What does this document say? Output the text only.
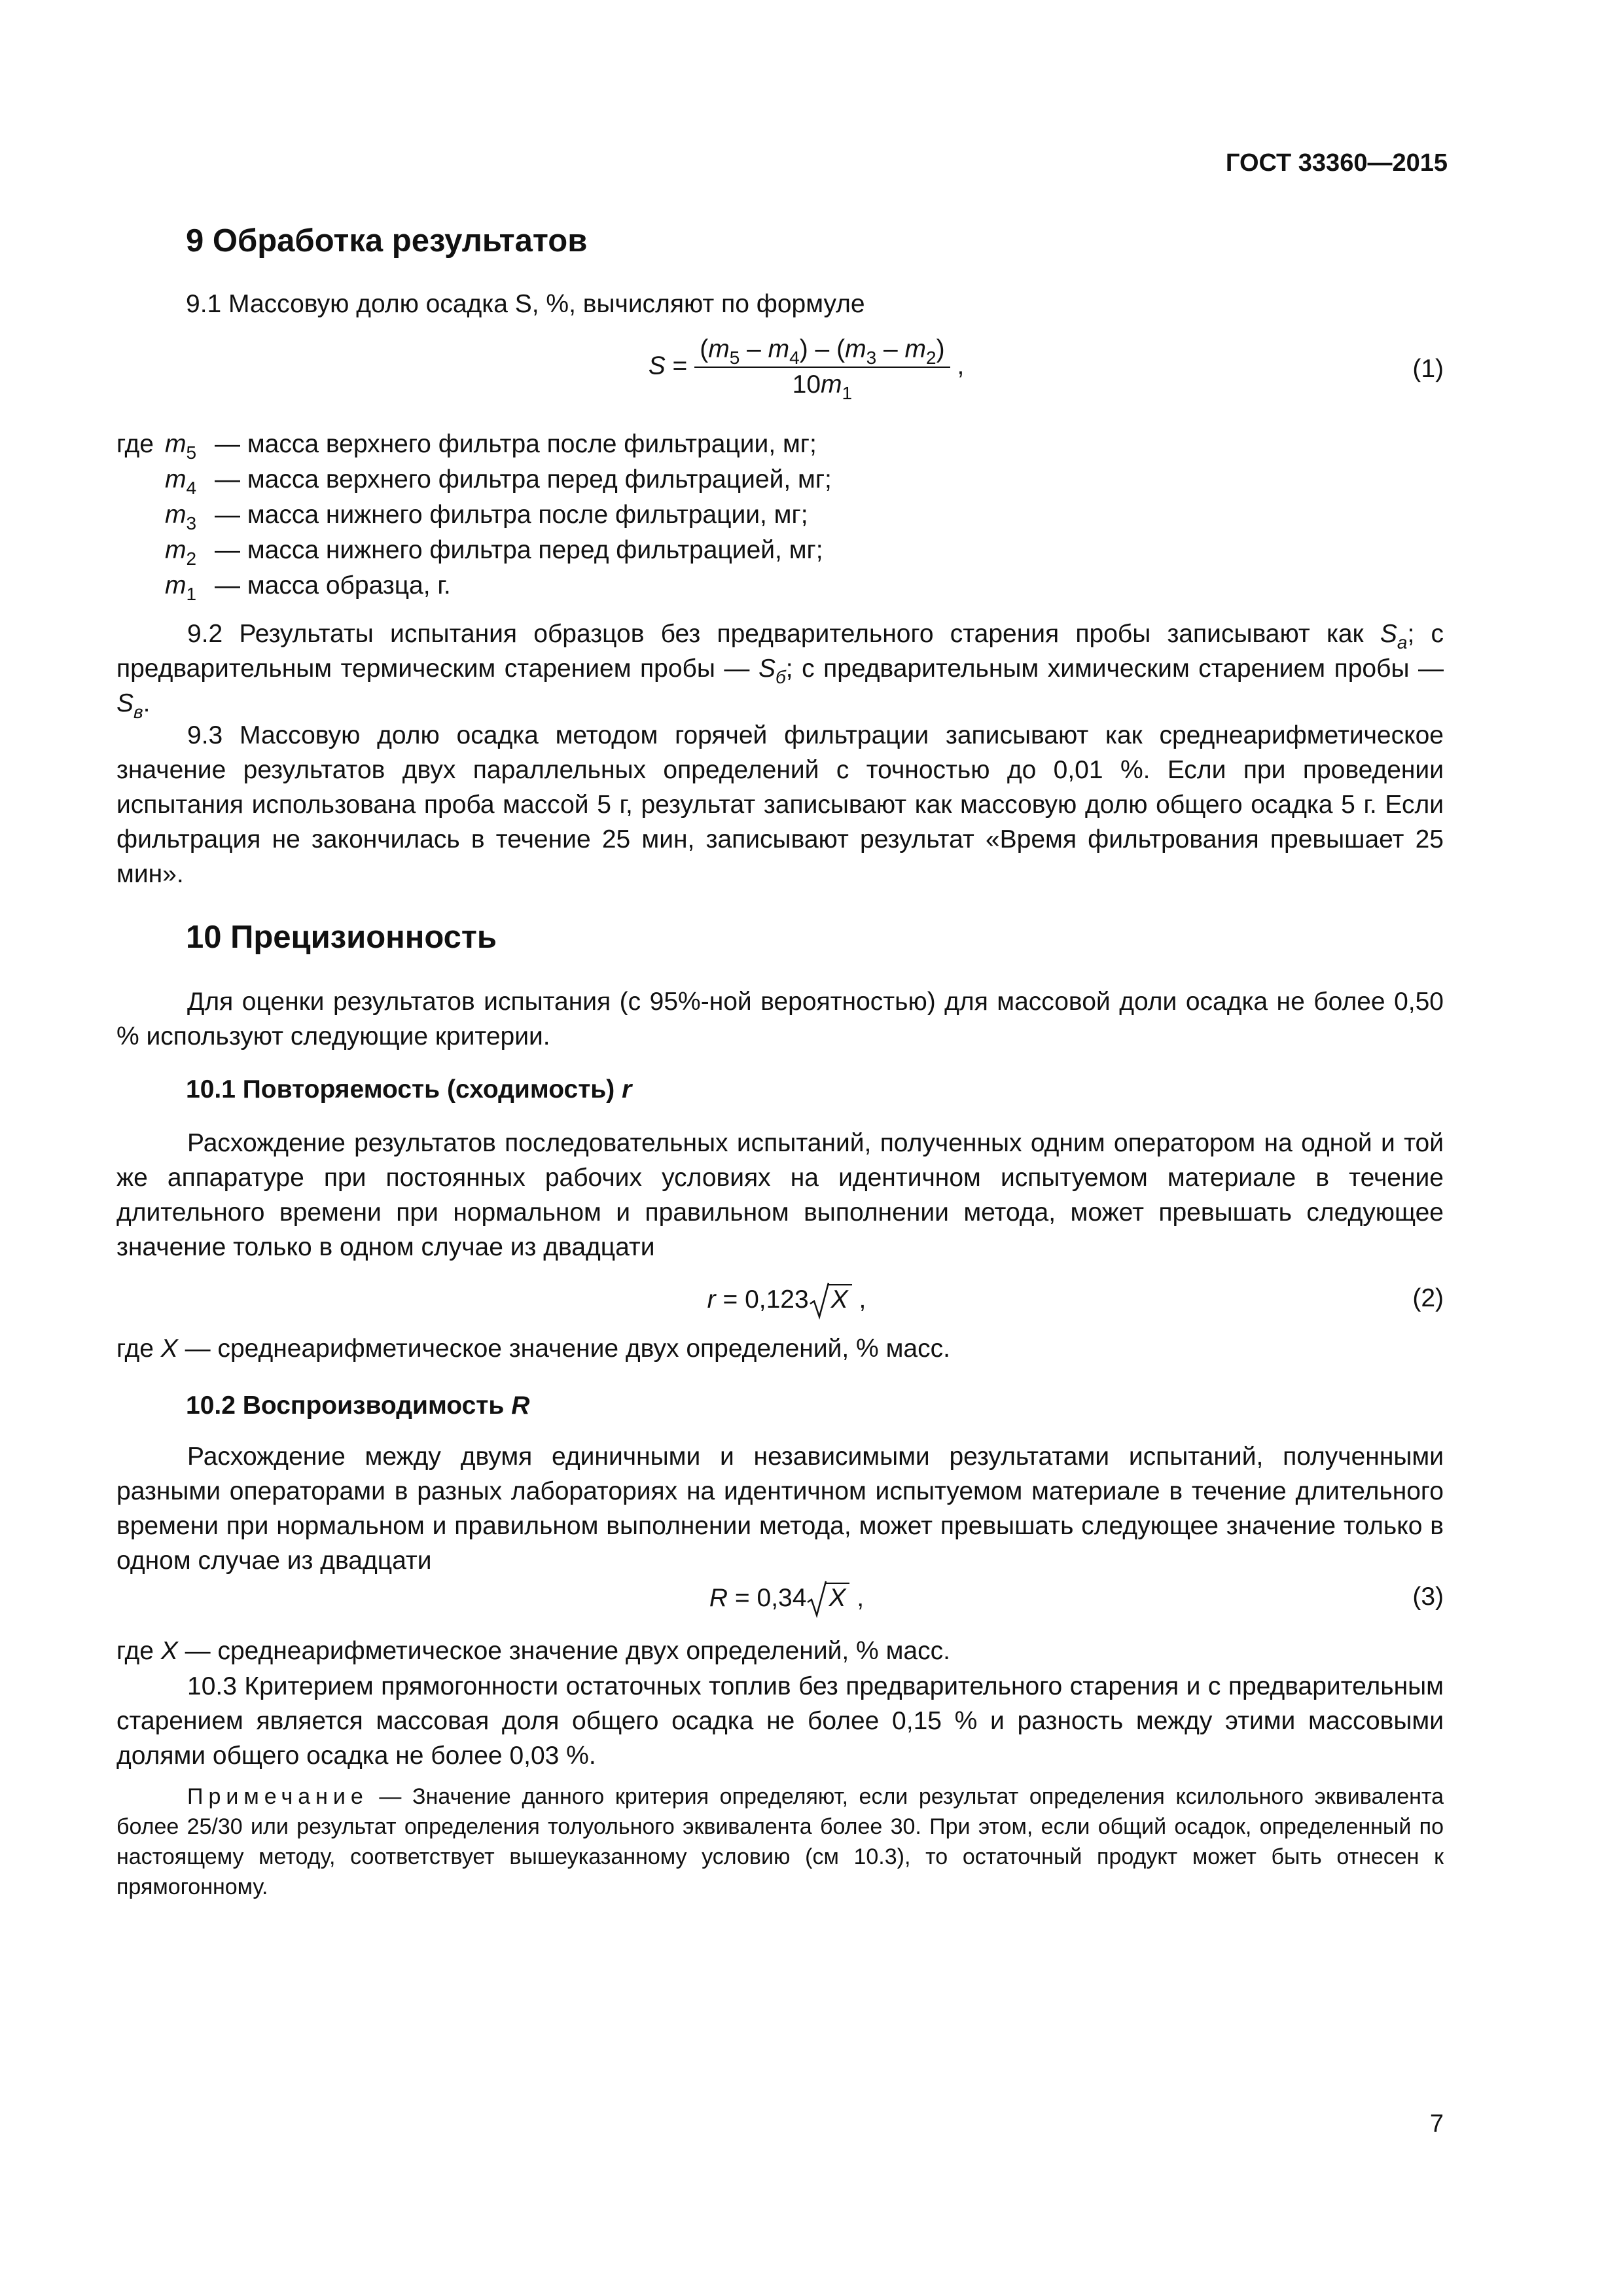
ГОСТ 33360—2015
9 Обработка результатов
9.1 Массовую долю осадка S, %, вычисляют по формуле
$S = \frac{(m_5 - m_4) - (m_3 - m_2)}{10m_1}$ ,	(1)
где $m_5$ — масса верхнего фильтра после фильтрации, мг;
$m_4$ — масса верхнего фильтра перед фильтрацией, мг;
$m_3$ — масса нижнего фильтра после фильтрации, мг;
$m_2$ — масса нижнего фильтра перед фильтрацией, мг;
$m_1$ — масса образца, г.
9.2 Результаты испытания образцов без предварительного старения пробы записывают как $S_а$; с предварительным термическим старением пробы — $S_б$; с предварительным химическим старением пробы — $S_в$.
9.3 Массовую долю осадка методом горячей фильтрации записывают как среднеарифметическое значение результатов двух параллельных определений с точностью до 0,01 %. Если при проведении испытания использована проба массой 5 г, результат записывают как массовую долю общего осадка 5 г. Если фильтрация не закончилась в течение 25 мин, записывают результат «Время фильтрования превышает 25 мин».
10 Прецизионность
Для оценки результатов испытания (с 95%-ной вероятностью) для массовой доли осадка не более 0,50 % используют следующие критерии.
10.1 Повторяемость (сходимость) r
Расхождение результатов последовательных испытаний, полученных одним оператором на одной и той же аппаратуре при постоянных рабочих условиях на идентичном испытуемом материале в течение длительного времени при нормальном и правильном выполнении метода, может превышать следующее значение только в одном случае из двадцати
r = 0,123 X ,	(2)
где X — среднеарифметическое значение двух определений, % масс.
10.2 Воспроизводимость R
Расхождение между двумя единичными и независимыми результатами испытаний, полученными разными операторами в разных лабораториях на идентичном испытуемом материале в течение длительного времени при нормальном и правильном выполнении метода, может превышать следующее значение только в одном случае из двадцати
R = 0,34 X ,	(3)
где X — среднеарифметическое значение двух определений, % масс.
10.3 Критерием прямогонности остаточных топлив без предварительного старения и с предварительным старением является массовая доля общего осадка не более 0,15 % и разность между этими массовыми долями общего осадка не более 0,03 %.
Примечание — Значение данного критерия определяют, если результат определения ксилольного эквивалента более 25/30 или результат определения толуольного эквивалента более 30. При этом, если общий осадок, определенный по настоящему методу, соответствует вышеуказанному условию (см 10.3), то остаточный продукт может быть отнесен к прямогонному.
7
